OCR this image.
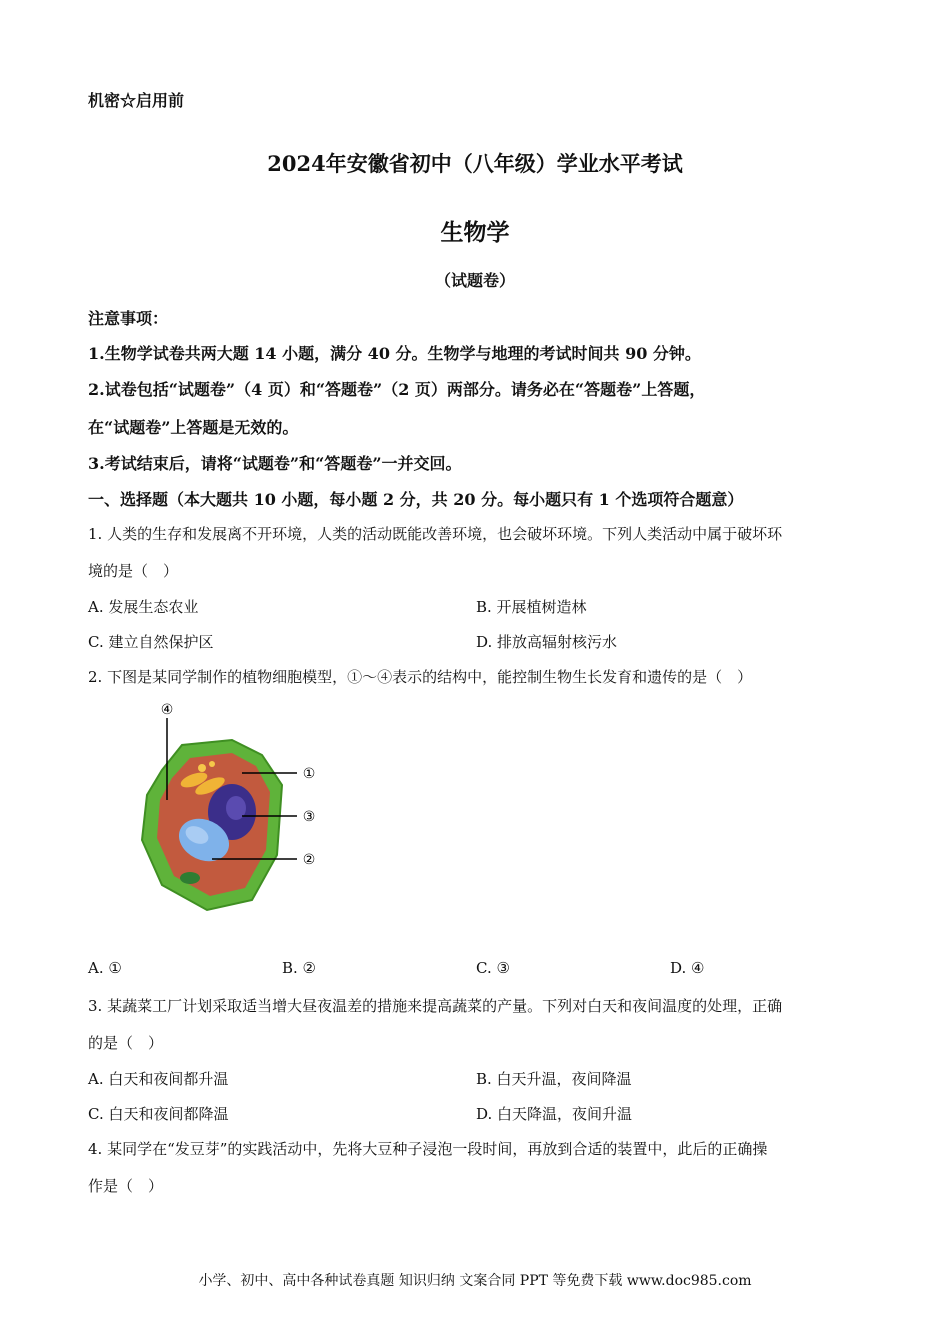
机密☆启用前
2024年安徽省初中（八年级）学业水平考试
生物学
（试题卷）
注意事项：
1.生物学试卷共两大题 14 小题，满分 40 分。生物学与地理的考试时间共 90 分钟。
2.试卷包括“试题卷”（4 页）和“答题卷”（2 页）两部分。请务必在“答题卷”上答题，
在“试题卷”上答题是无效的。
3.考试结束后，请将“试题卷”和“答题卷”一并交回。
一、选择题（本大题共 10 小题，每小题 2 分，共 20 分。每小题只有 1 个选项符合题意）
1. 人类的生存和发展离不开环境，人类的活动既能改善环境，也会破坏环境。下列人类活动中属于破坏环
境的是（　）
A. 发展生态农业	B. 开展植树造林
C. 建立自然保护区	D. 排放高辐射核污水
2. 下图是某同学制作的植物细胞模型，①～④表示的结构中，能控制生物生长发育和遗传的是（　）
④
①
③
②
A. ①	B. ②	C. ③	D. ④
3. 某蔬菜工厂计划采取适当增大昼夜温差的措施来提高蔬菜的产量。下列对白天和夜间温度的处理，正确
的是（　）
A. 白天和夜间都升温	B. 白天升温，夜间降温
C. 白天和夜间都降温	D. 白天降温，夜间升温
4. 某同学在“发豆芽”的实践活动中，先将大豆种子浸泡一段时间，再放到合适的装置中，此后的正确操
作是（　）
小学、初中、高中各种试卷真题 知识归纳 文案合同 PPT 等免费下载 www.doc985.com
